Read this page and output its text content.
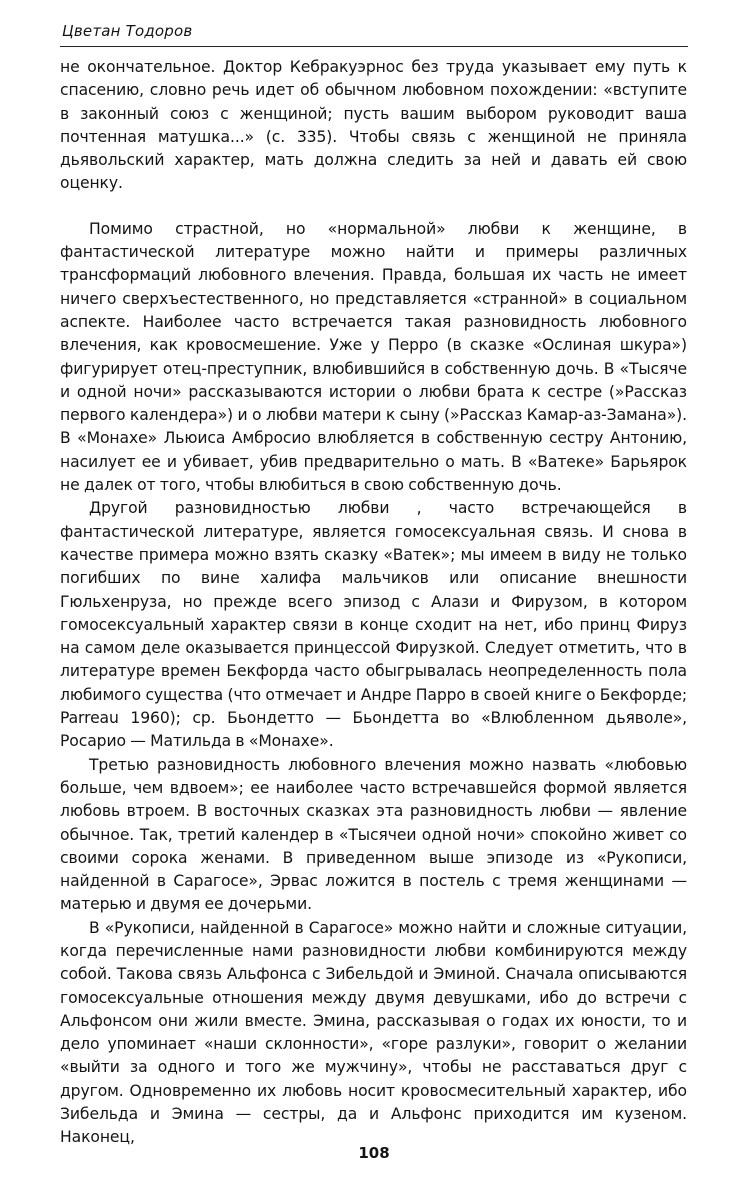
Цветан Тодоров

не окончательное. Доктор Кебракуэрнос без труда указывает ему путь к спасению, словно речь идет об обычном любовном похождении: «вступите в законный союз с женщиной; пусть вашим выбором руководит ваша почтенная матушка...» (с. 335). Чтобы связь с женщиной не приняла дьявольский характер, мать должна следить за ней и давать ей свою оценку.

Помимо страстной, но «нормальной» любви к женщине, в фантастической литературе можно найти и примеры различных трансформаций любовного влечения. Правда, большая их часть не имеет ничего сверхъестественного, но представляется «странной» в социальном аспекте. Наиболее часто встречается такая разновидность любовного влечения, как кровосмешение. Уже у Перро (в сказке «Ослиная шкура») фигурирует отец-преступник, влюбившийся в собственную дочь. В «Тысяче и одной ночи» рассказываются истории о любви брата к сестре (»Рассказ первого календера») и о любви матери к сыну (»Рассказ Камар-аз-Замана»). В «Монахе» Льюиса Амбросио влюбляется в собственную сестру Антонию, насилует ее и убивает, убив предварительно о мать. В «Ватеке» Барьярок не далек от того, чтобы влюбиться в свою собственную дочь.

Другой разновидностью любви , часто встречающейся в фантастической литературе, является гомосексуальная связь. И снова в качестве примера можно взять сказку «Ватек»; мы имеем в виду не только погибших по вине халифа мальчиков или описание внешности Гюльхенруза, но прежде всего эпизод с Алази и Фирузом, в котором гомосексуальный характер связи в конце сходит на нет, ибо принц Фируз на самом деле оказывается принцессой Фирузкой. Следует отметить, что в литературе времен Бекфорда часто обыгрывалась неопределенность пола любимого существа (что отмечает и Андре Парро в своей книге о Бекфорде; Parreau 1960); ср. Бьондетто — Бьондетта во «Влюбленном дьяволе», Росарио — Матильда в «Монахе».

Третью разновидность любовного влечения можно назвать «любовью больше, чем вдвоем»; ее наиболее часто встречавшейся формой является любовь втроем. В восточных сказках эта разновидность любви — явление обычное. Так, третий календер в «Тысячеи одной ночи» спокойно живет со своими сорока женами. В приведенном выше эпизоде из «Рукописи, найденной в Сарагосе», Эрвас ложится в постель с тремя женщинами — матерью и двумя ее дочерьми.

В «Рукописи, найденной в Сарагосе» можно найти и сложные ситуации, когда перечисленные нами разновидности любви комбинируются между собой. Такова связь Альфонса с Зибельдой и Эминой. Сначала описываются гомосексуальные отношения между двумя девушками, ибо до встречи с Альфонсом они жили вместе. Эмина, рассказывая о годах их юности, то и дело упоминает «наши склонности», «горе разлуки», говорит о желании «выйти за одного и того же мужчину», чтобы не расставаться друг с другом. Одновременно их любовь носит кровосмесительный характер, ибо Зибельда и Эмина — сестры, да и Альфонс приходится им кузеном. Наконец,

108
